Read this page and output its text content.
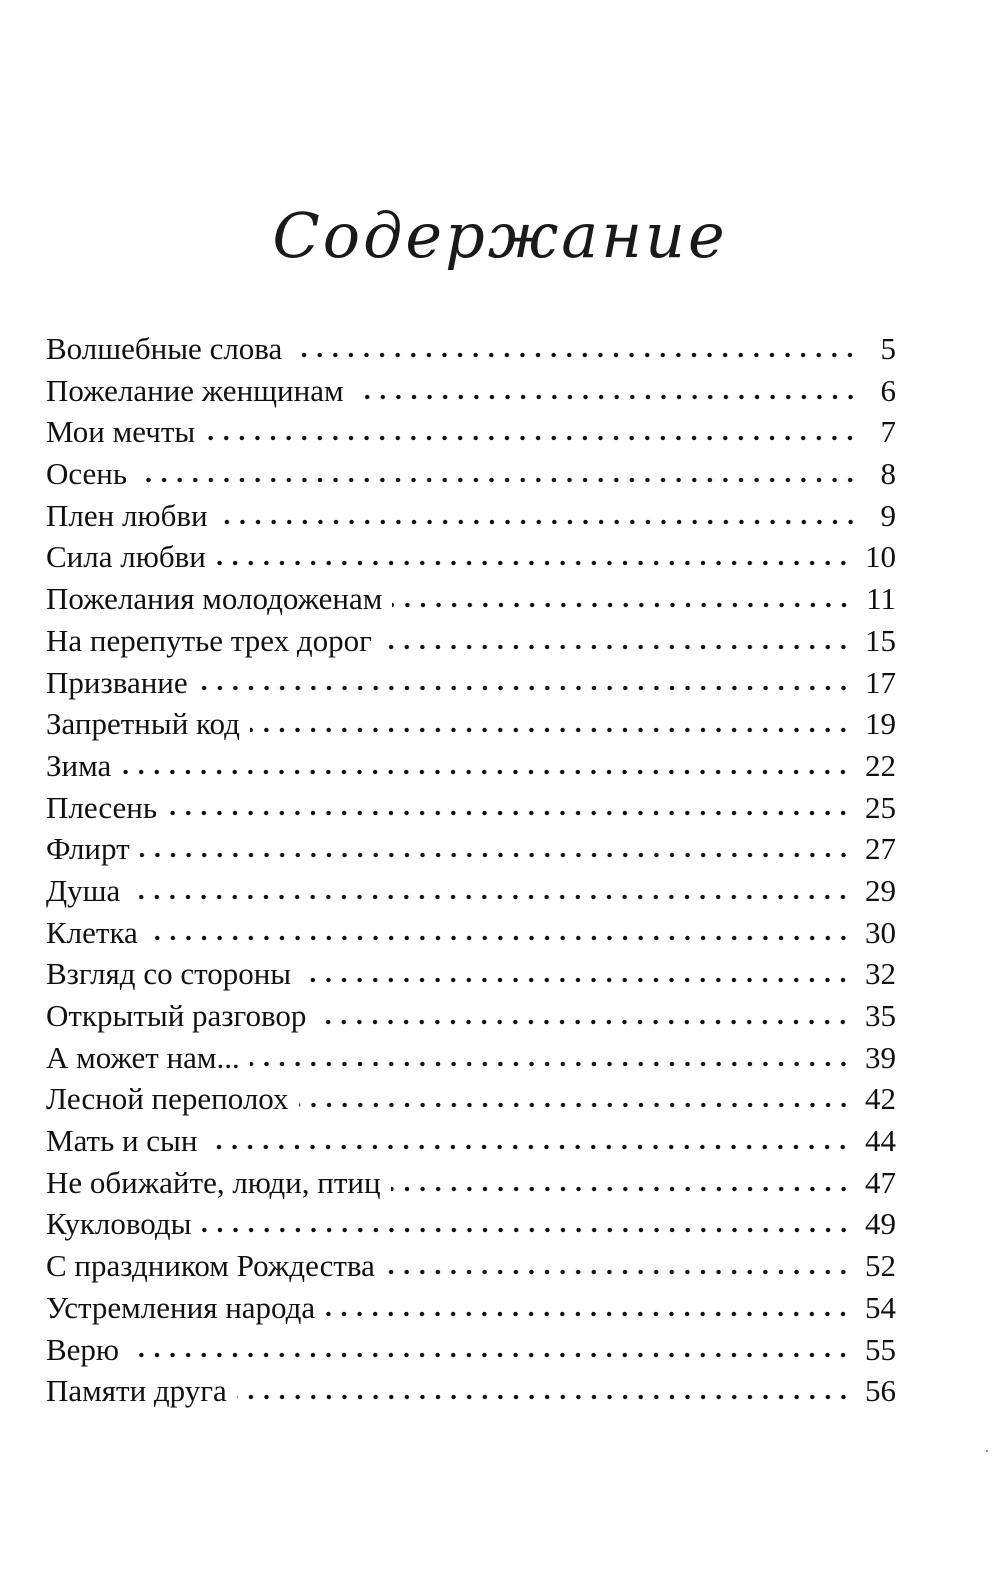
Содержание
Волшебные слова	5
Пожелание женщинам	6
Мои мечты	7
Осень	8
Плен любви	9
Сила любви	10
Пожелания молодоженам	11
На перепутье трех дорог	15
Призвание	17
Запретный код	19
Зима	22
Плесень	25
Флирт	27
Душа	29
Клетка	30
Взгляд со стороны	32
Открытый разговор	35
А может нам...	39
Лесной переполох	42
Мать и сын	44
Не обижайте, люди, птиц	47
Кукловоды	49
С праздником Рождества	52
Устремления народа	54
Верю	55
Памяти друга	56
